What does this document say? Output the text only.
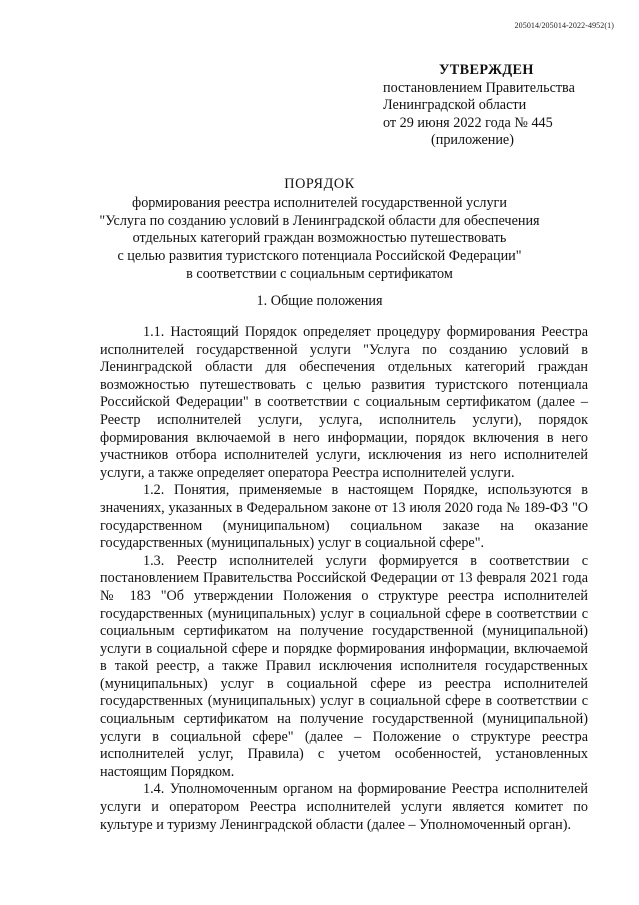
205014/205014-2022-4952(1)
УТВЕРЖДЕН
постановлением Правительства
Ленинградской области
от 29 июня 2022 года № 445
(приложение)
ПОРЯДОК
формирования реестра исполнителей государственной услуги
"Услуга по созданию условий в Ленинградской области для обеспечения
отдельных категорий граждан возможностью путешествовать
с целью развития туристского потенциала Российской Федерации"
в соответствии с социальным сертификатом
1. Общие положения

1.1. Настоящий Порядок определяет процедуру формирования Реестра исполнителей государственной услуги "Услуга по созданию условий в Ленинградской области для обеспечения отдельных категорий граждан возможностью путешествовать с целью развития туристского потенциала Российской Федерации" в соответствии с социальным сертификатом (далее – Реестр исполнителей услуги, услуга, исполнитель услуги), порядок формирования включаемой в него информации, порядок включения в него участников отбора исполнителей услуги, исключения из него исполнителей услуги, а также определяет оператора Реестра исполнителей услуги.

1.2. Понятия, применяемые в настоящем Порядке, используются в значениях, указанных в Федеральном законе от 13 июля 2020 года № 189-ФЗ "О государственном (муниципальном) социальном заказе на оказание государственных (муниципальных) услуг в социальной сфере".

1.3. Реестр исполнителей услуги формируется в соответствии с постановлением Правительства Российской Федерации от 13 февраля 2021 года № 183 "Об утверждении Положения о структуре реестра исполнителей государственных (муниципальных) услуг в социальной сфере в соответствии с социальным сертификатом на получение государственной (муниципальной) услуги в социальной сфере и порядке формирования информации, включаемой в такой реестр, а также Правил исключения исполнителя государственных (муниципальных) услуг в социальной сфере из реестра исполнителей государственных (муниципальных) услуг в социальной сфере в соответствии с социальным сертификатом на получение государственной (муниципальной) услуги в социальной сфере" (далее – Положение о структуре реестра исполнителей услуг, Правила) с учетом особенностей, установленных настоящим Порядком.

1.4. Уполномоченным органом на формирование Реестра исполнителей услуги и оператором Реестра исполнителей услуги является комитет по культуре и туризму Ленинградской области (далее – Уполномоченный орган).
